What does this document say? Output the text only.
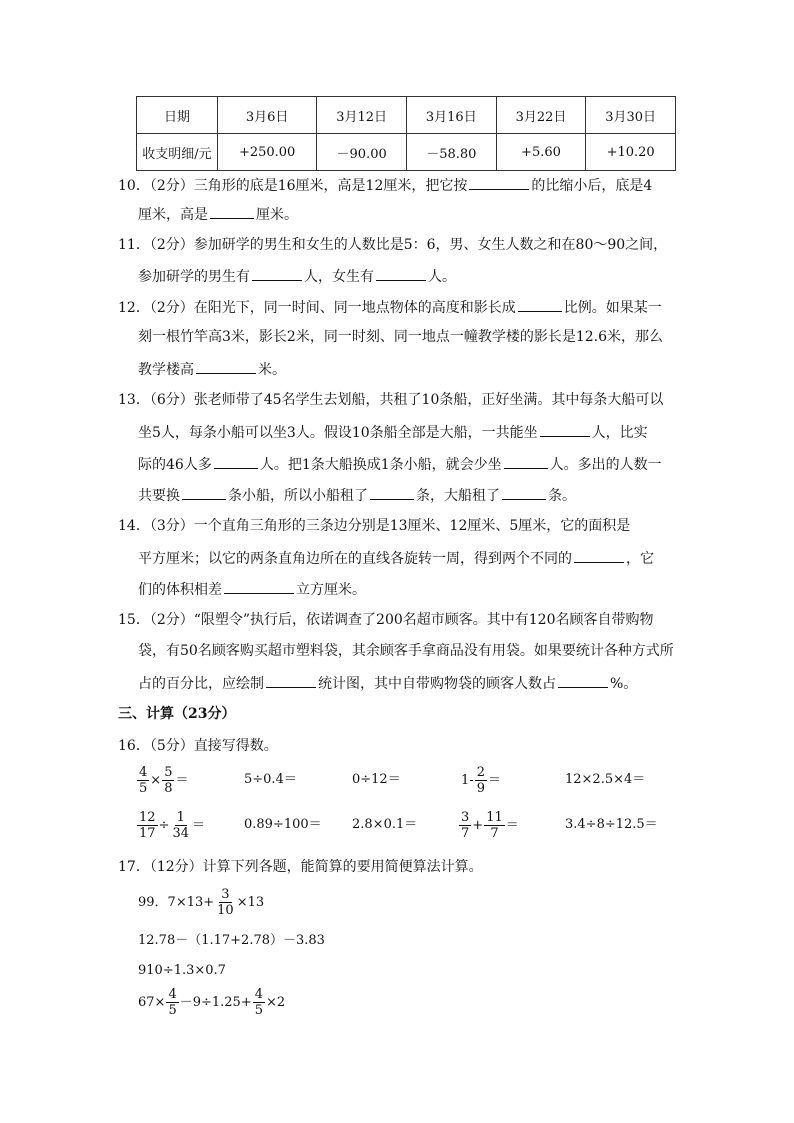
日期	3月6日	3月12日	3月16日	3月22日	3月30日
收支明细/元	+250.00	－90.00	－58.80	+5.60	+10.20
10．（2分）三角形的底是16厘米，高是12厘米，把它按	的比缩小后，底是4
厘米，高是	厘米。
11．（2分）参加研学的男生和女生的人数比是5：6，男、女生人数之和在80～90之间，
参加研学的男生有	人，女生有	人。
12．（2分）在阳光下，同一时间、同一地点物体的高度和影长成	比例。如果某一
刻一根竹竿高3米，影长2米，同一时刻、同一地点一幢教学楼的影长是12.6米，那么
教学楼高	米。
13．（6分）张老师带了45名学生去划船，共租了10条船，正好坐满。其中每条大船可以
坐5人，每条小船可以坐3人。假设10条船全部是大船，一共能坐	人，比实
际的46人多	人。把1条大船换成1条小船，就会少坐	人。多出的人数一
共要换	条小船，所以小船租了	条，大船租了	条。
14．（3分）一个直角三角形的三条边分别是13厘米、12厘米、5厘米，它的面积是
平方厘米；以它的两条直角边所在的直线各旋转一周，得到两个不同的	，它
们的体积相差	立方厘米。
15．（2分）“限塑令”执行后，依诺调查了200名超市顾客。其中有120名顾客自带购物
袋，有50名顾客购买超市塑料袋，其余顾客手拿商品没有用袋。如果要统计各种方式所
占的百分比，应绘制	统计图，其中自带购物袋的顾客人数占	%。
三、计算（23分）
16．（5分）直接写得数。
$\frac{4}{5} \times \frac{5}{8}$ ＝	5÷0.4＝	0÷12＝	$1- \frac{2}{9}$ ＝	12×2.5×4＝
$\frac{12}{17} \div \frac{1}{34}$ ＝	0.89÷100＝ 2.8×0.1＝	$\frac{3}{7} + \frac{11}{7}$ ＝	3.4÷8÷12.5＝
17．（12分）计算下列各题，能简算的要用简便算法计算。
99．$7\times 13+ \frac{3}{10} \times 13$
12.78－（1.17+2.78）－3.83
910÷1.3×0.7
$67\times \frac{4}{5} -9\div 1.25+ \frac{4}{5} \times 2$
